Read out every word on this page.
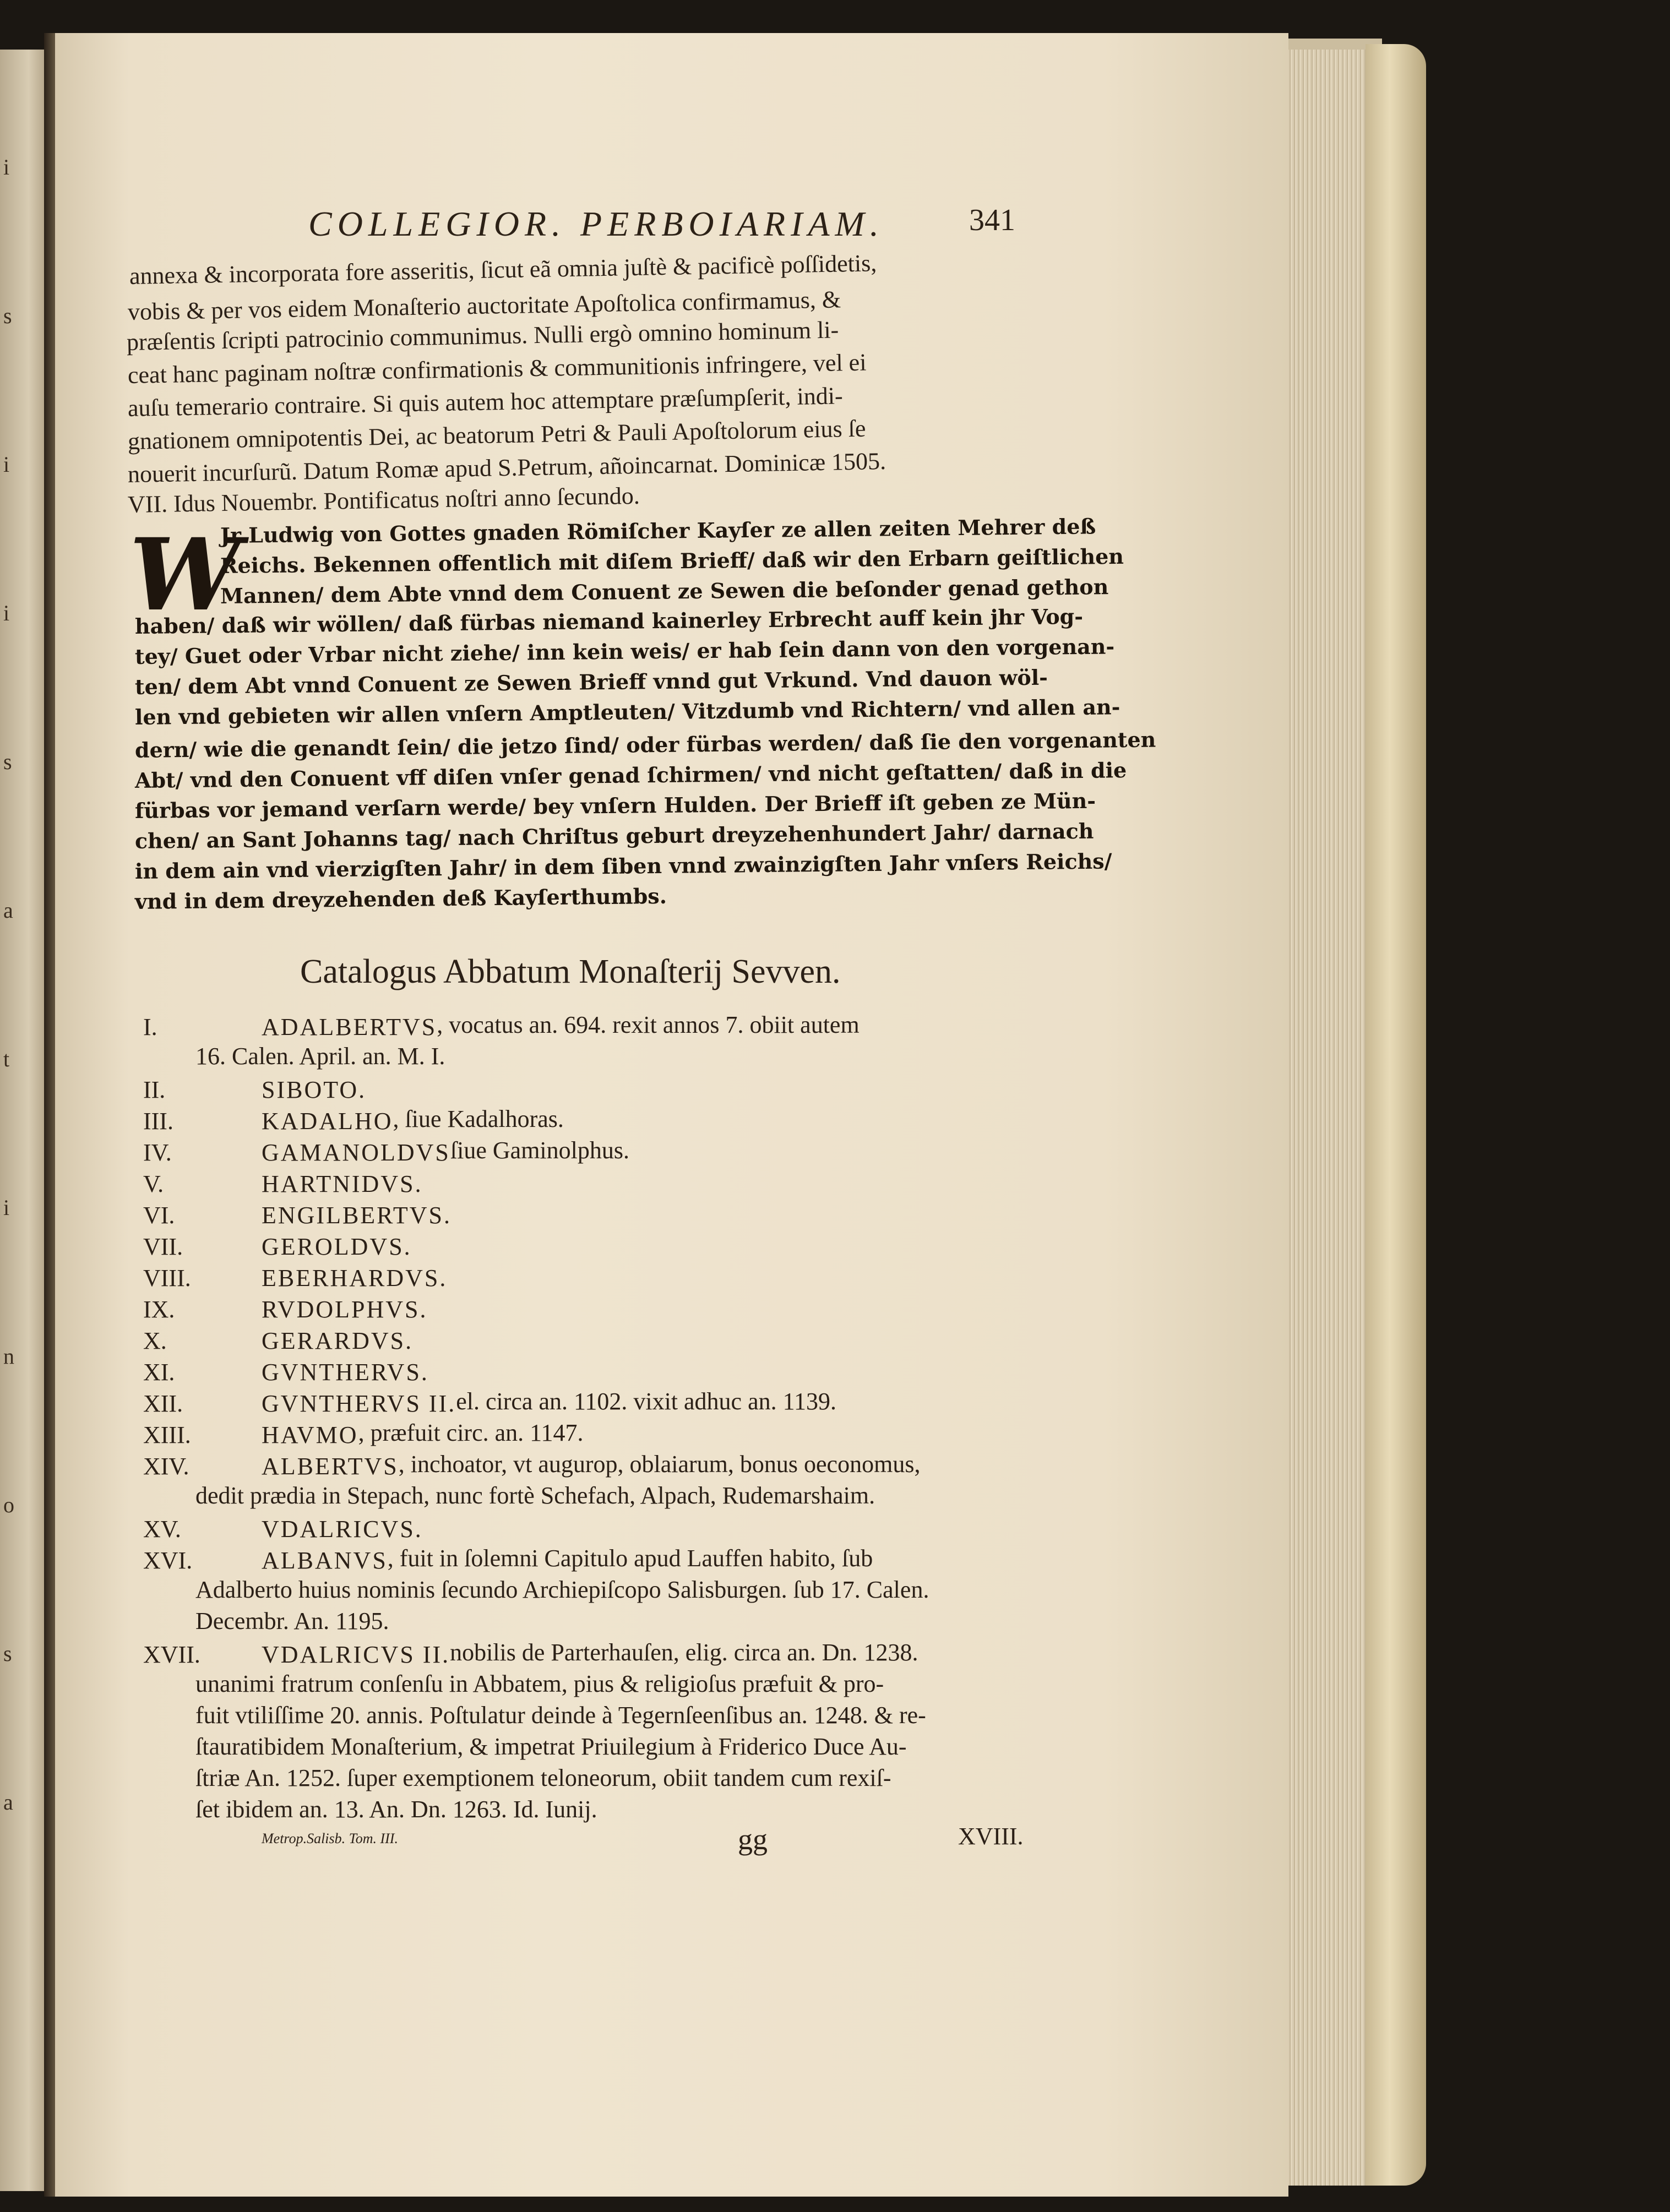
i
s
i
i
s
a
t
i
n
o
s
a
COLLEGIOR. PERBOIARIAM.	341
W
Catalogus Abbatum Monaſterij Sevven.
I.	ADALBERTVS , vocatus an. 694. rexit annos 7. obiit autem
16. Calen. April. an. M. I.
II.	SIBOTO.
III.	KADALHO , ſiue Kadalhoras.
IV.	GAMANOLDVS ſiue Gaminolphus.
V.	HARTNIDVS.
VI.	ENGILBERTVS.
VII.	GEROLDVS.
VIII.	EBERHARDVS.
IX.	RVDOLPHVS.
X.	GERARDVS.
XI.	GVNTHERVS.
XII.	GVNTHERVS II. el. circa an. 1102. vixit adhuc an. 1139.
XIII.	HAVMO , præfuit circ. an. 1147.
XIV.	ALBERTVS , inchoator, vt augurор, oblaiarum, bonus oeconomus,
dedit prædia in Stepach, nunc fortè Schefach, Alpach, Rudemarshaim.
XV.	VDALRICVS.
XVI.	ALBANVS , fuit in ſolemni Capitulo apud Lauffen habito, ſub
Adalberto huius nominis ſecundo Archiepiſcopo Salisburgen. ſub 17. Calen.
Decembr. An. 1195.
XVII.	VDALRICVS II. nobilis de Parterhauſen, elig. circa an. Dn. 1238.
unanimi fratrum conſenſu in Abbatem, pius & religioſus præfuit & pro-
fuit vtiliſſime 20. annis. Poſtulatur deinde à Tegernſeenſibus an. 1248. & re-
ſtauratibidem Monaſterium, & impetrat Priuilegium à Friderico Duce Au-
ſtriæ An. 1252. ſuper exemptionem teloneorum, obiit tandem cum rexiſ-
ſet ibidem an. 13. An. Dn. 1263. Id. Iunij.
Metrop.Salisb. Tom. III.	gg	XVIII.
annexa & incorporata fore asseritis, ſicut eã omnia juſtè & pacificè poſſidetis,
vobis & per vos eidem Monaſterio auctoritate Apoſtolica confirmamus, &
præſentis ſcripti patrocinio communimus. Nulli ergò omnino hominum li-
ceat hanc paginam noſtræ confirmationis & communitionis infringere, vel ei
auſu temerario contraire. Si quis autem hoc attemptare præſumpſerit, indi-
gnationem omnipotentis Dei, ac beatorum Petri & Pauli Apoſtolorum eius ſe
nouerit incurſurũ. Datum Romæ apud S.Petrum, añoincarnat. Dominicæ 1505.
VII. Idus Nouembr. Pontificatus noſtri anno ſecundo.
Jr Ludwig von Gottes gnaden Römiſcher Kayſer ze allen zeiten Mehrer deß
Reichs. Bekennen offentlich mit diſem Brieff/ daß wir den Erbarn geiſtlichen
Mannen/ dem Abte vnnd dem Conuent ze Sewen die beſonder genad gethon
haben/ daß wir wöllen/ daß fürbas niemand kainerley Erbrecht auff kein jhr Vog-
tey/ Guet oder Vrbar nicht ziehe/ inn kein weis/ er hab ſein dann von den vorgenan-
ten/ dem Abt vnnd Conuent ze Sewen Brieff vnnd gut Vrkund. Vnd dauon wöl-
len vnd gebieten wir allen vnſern Amptleuten/ Vitzdumb vnd Richtern/ vnd allen an-
dern/ wie die genandt ſein/ die jetzo ſind/ oder fürbas werden/ daß ſie den vorgenanten
Abt/ vnd den Conuent vff diſen vnſer genad ſchirmen/ vnd nicht geſtatten/ daß in die
fürbas vor jemand verſarn werde/ bey vnſern Hulden. Der Brieff iſt geben ze Mün-
chen/ an Sant Johanns tag/ nach Chriſtus geburt dreyzehenhundert Jahr/ darnach
in dem ain vnd vierzigſten Jahr/ in dem ſiben vnnd zwainzigſten Jahr vnſers Reichs/
vnd in dem dreyzehenden deß Kayſerthumbs.
